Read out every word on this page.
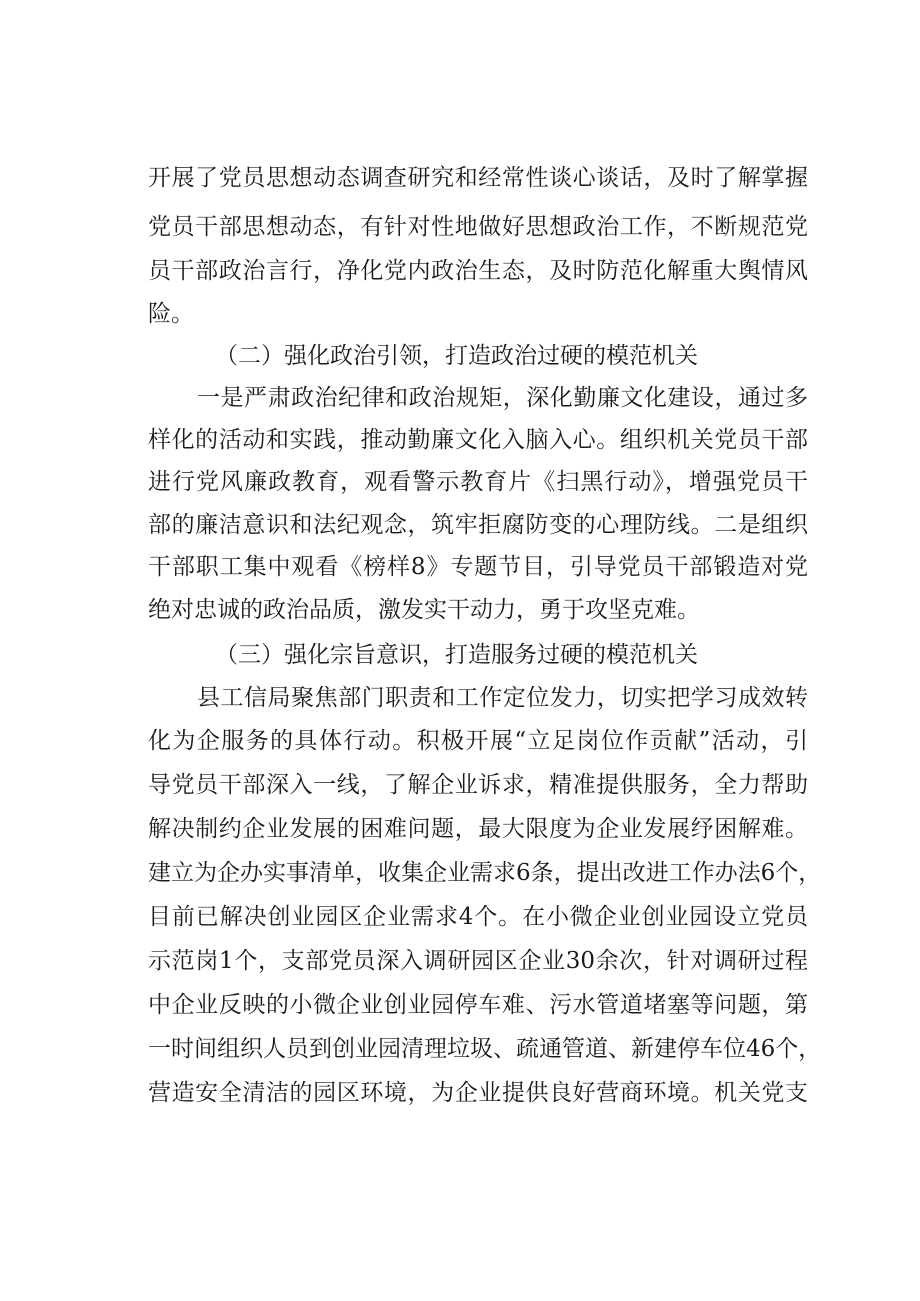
开展了党员思想动态调查研究和经常性谈心谈话，及时了解掌握
党员干部思想动态，有针对性地做好思想政治工作，不断规范党
员干部政治言行，净化党内政治生态，及时防范化解重大舆情风
险。
（二）强化政治引领，打造政治过硬的模范机关
一是严肃政治纪律和政治规矩，深化勤廉文化建设，通过多
样化的活动和实践，推动勤廉文化入脑入心。组织机关党员干部
进行党风廉政教育，观看警示教育片《扫黑行动》，增强党员干
部的廉洁意识和法纪观念，筑牢拒腐防变的心理防线。二是组织
干部职工集中观看《榜样8》专题节目，引导党员干部锻造对党
绝对忠诚的政治品质，激发实干动力，勇于攻坚克难。
（三）强化宗旨意识，打造服务过硬的模范机关
县工信局聚焦部门职责和工作定位发力，切实把学习成效转
化为企服务的具体行动。积极开展“立足岗位作贡献”活动，引
导党员干部深入一线，了解企业诉求，精准提供服务，全力帮助
解决制约企业发展的困难问题，最大限度为企业发展纾困解难。
建立为企办实事清单，收集企业需求6条，提出改进工作办法6个，
目前已解决创业园区企业需求4个。在小微企业创业园设立党员
示范岗1个，支部党员深入调研园区企业30余次，针对调研过程
中企业反映的小微企业创业园停车难、污水管道堵塞等问题，第
一时间组织人员到创业园清理垃圾、疏通管道、新建停车位46个，
营造安全清洁的园区环境，为企业提供良好营商环境。机关党支
